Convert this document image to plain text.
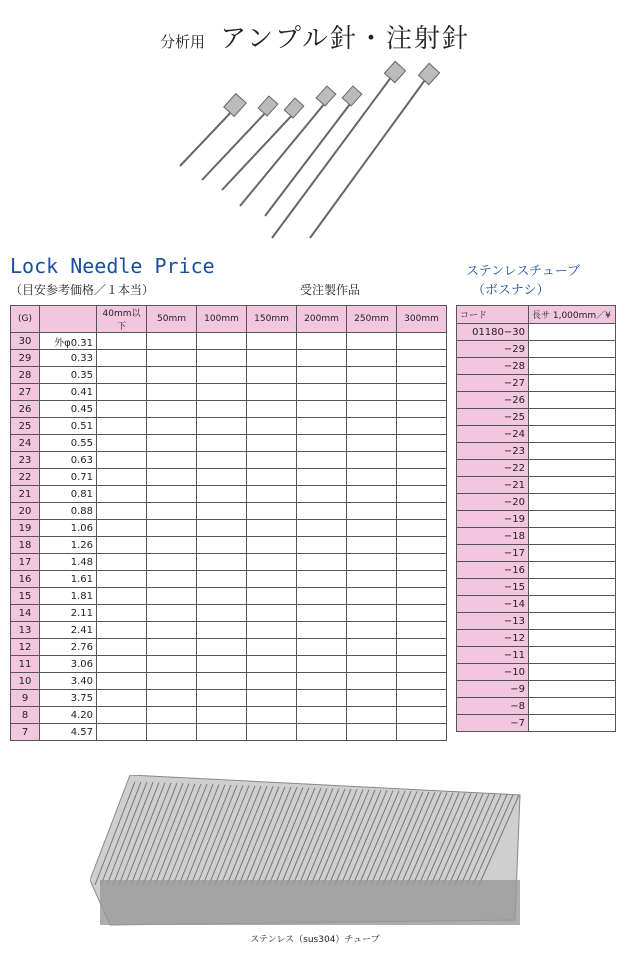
分析用 アンプル針・注射針
Lock Needle Price
（目安参考価格／１本当）	受注製作品
ステンレスチューブ
（ボスナシ）
(G)		40mm以下	50mm	100mm	150mm	200mm	250mm	300mm
30	外φ0.31							
29	0.33							
28	0.35							
27	0.41							
26	0.45							
25	0.51							
24	0.55							
23	0.63							
22	0.71							
21	0.81							
20	0.88							
19	1.06							
18	1.26							
17	1.48							
16	1.61							
15	1.81							
14	2.11							
13	2.41							
12	2.76							
11	3.06							
10	3.40							
9	3.75							
8	4.20							
7	4.57							
コード	長サ 1,000mm／¥
01180−30	
−29	
−28	
−27	
−26	
−25	
−24	
−23	
−22	
−21	
−20	
−19	
−18	
−17	
−16	
−15	
−14	
−13	
−12	
−11	
−10	
−9	
−8	
−7	
ステンレス（sus304）チューブ
